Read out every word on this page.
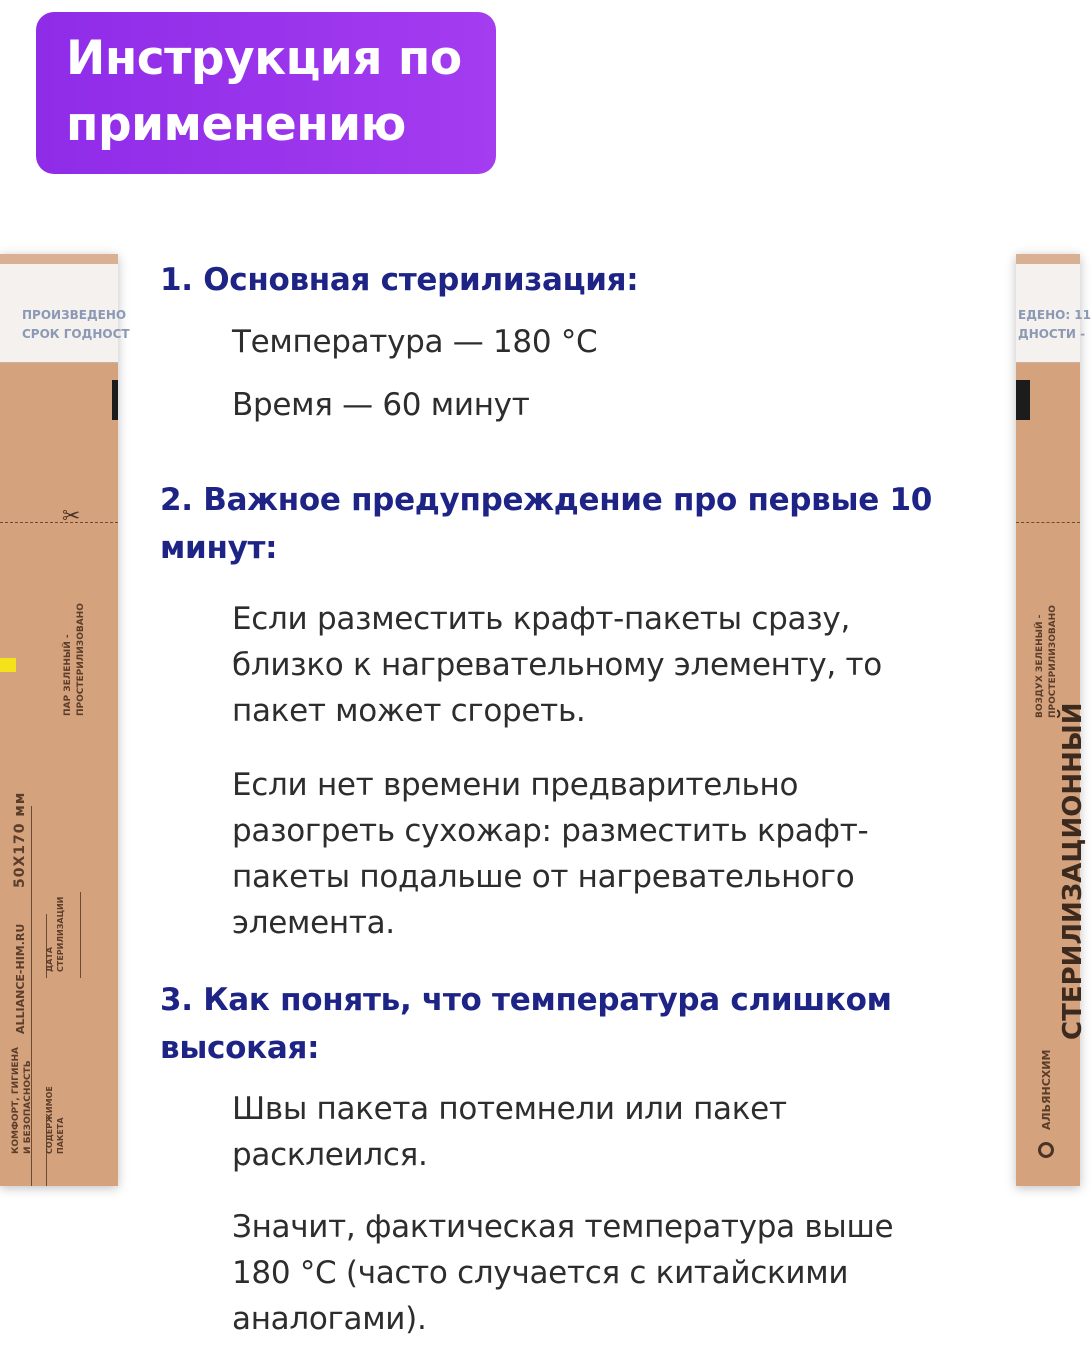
Инструкция по
применению
ПРОИЗВЕДЕНО
СРОК ГОДНОСТ
✂
ПАР ЗЕЛЕНЫЙ - ПРОСТЕРИЛИЗОВАНО
50Х170 мм
ALLIANCE-HIM.RU
КОМФОРТ, ГИГИЕНА И БЕЗОПАСНОСТЬ
ДАТА СТЕРИЛИЗАЦИИ
СОДЕРЖИМОЕ ПАКЕТА
ЕДЕНО: 11
ДНОСТИ -
ВОЗДУХ ЗЕЛЕНЫЙ - ПРОСТЕРИЛИЗОВАНО
СТЕРИЛИЗАЦИОННЫЙ
АЛЬЯНСХИМ
1. Основная стерилизация:
Температура — 180 °С
Время — 60 минут
2. Важное предупреждение про первые 10 минут:
Если разместить крафт-пакеты сразу, близко к нагревательному элементу, то пакет может сгореть.
Если нет времени предварительно разогреть сухожар: разместить крафт-пакеты подальше от нагревательного элемента.
3. Как понять, что температура слишком высокая:
Швы пакета потемнели или пакет расклеился.
Значит, фактическая температура выше 180 °С (часто случается с китайскими аналогами).
